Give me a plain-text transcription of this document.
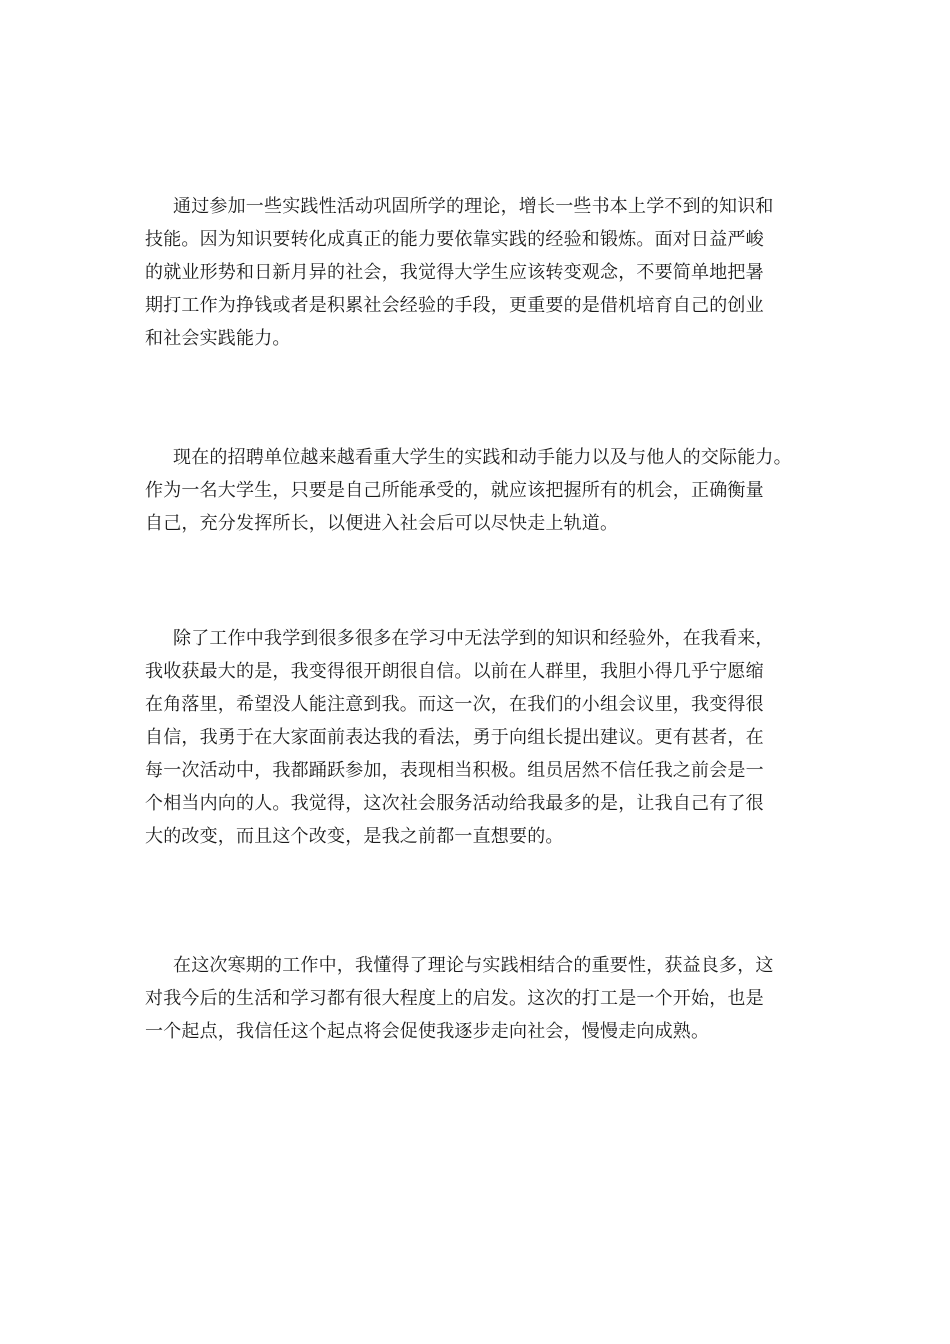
通过参加一些实践性活动巩固所学的理论，增长一些书本上学不到的知识和
技能。因为知识要转化成真正的能力要依靠实践的经验和锻炼。面对日益严峻
的就业形势和日新月异的社会，我觉得大学生应该转变观念，不要简单地把暑
期打工作为挣钱或者是积累社会经验的手段，更重要的是借机培育自己的创业
和社会实践能力。
现在的招聘单位越来越看重大学生的实践和动手能力以及与他人的交际能力。
作为一名大学生，只要是自己所能承受的，就应该把握所有的机会，正确衡量
自己，充分发挥所长，以便进入社会后可以尽快走上轨道。
除了工作中我学到很多很多在学习中无法学到的知识和经验外，在我看来，
我收获最大的是，我变得很开朗很自信。以前在人群里，我胆小得几乎宁愿缩
在角落里，希望没人能注意到我。而这一次，在我们的小组会议里，我变得很
自信，我勇于在大家面前表达我的看法，勇于向组长提出建议。更有甚者，在
每一次活动中，我都踊跃参加，表现相当积极。组员居然不信任我之前会是一
个相当内向的人。我觉得，这次社会服务活动给我最多的是，让我自己有了很
大的改变，而且这个改变，是我之前都一直想要的。
在这次寒期的工作中，我懂得了理论与实践相结合的重要性，获益良多，这
对我今后的生活和学习都有很大程度上的启发。这次的打工是一个开始，也是
一个起点，我信任这个起点将会促使我逐步走向社会，慢慢走向成熟。
